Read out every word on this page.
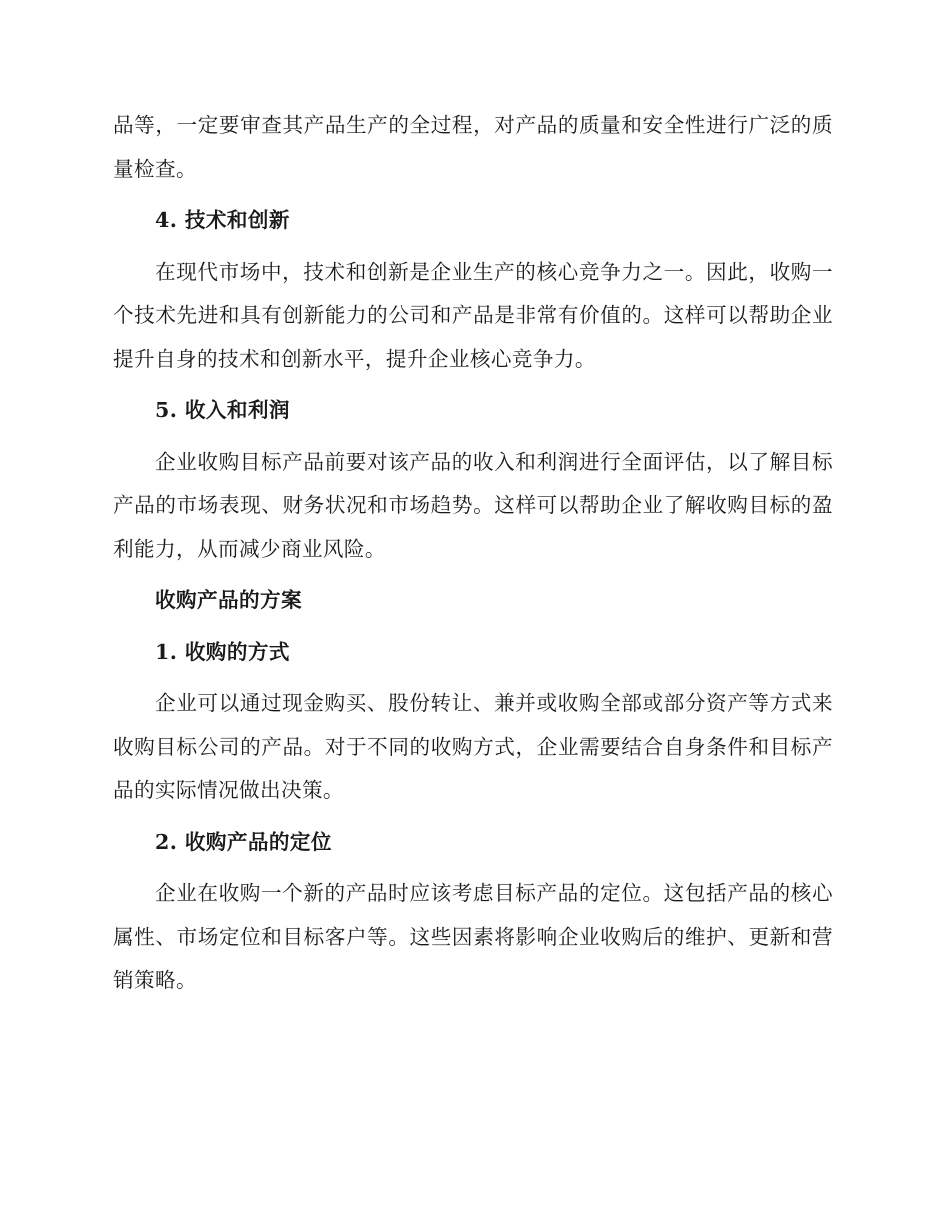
品等，一定要审查其产品生产的全过程，对产品的质量和安全性进行广泛的质量检查。

4. 技术和创新

在现代市场中，技术和创新是企业生产的核心竞争力之一。因此，收购一个技术先进和具有创新能力的公司和产品是非常有价值的。这样可以帮助企业提升自身的技术和创新水平，提升企业核心竞争力。

5. 收入和利润

企业收购目标产品前要对该产品的收入和利润进行全面评估，以了解目标产品的市场表现、财务状况和市场趋势。这样可以帮助企业了解收购目标的盈利能力，从而减少商业风险。

收购产品的方案
1. 收购的方式

企业可以通过现金购买、股份转让、兼并或收购全部或部分资产等方式来收购目标公司的产品。对于不同的收购方式，企业需要结合自身条件和目标产品的实际情况做出决策。

2. 收购产品的定位

企业在收购一个新的产品时应该考虑目标产品的定位。这包括产品的核心属性、市场定位和目标客户等。这些因素将影响企业收购后的维护、更新和营销策略。
